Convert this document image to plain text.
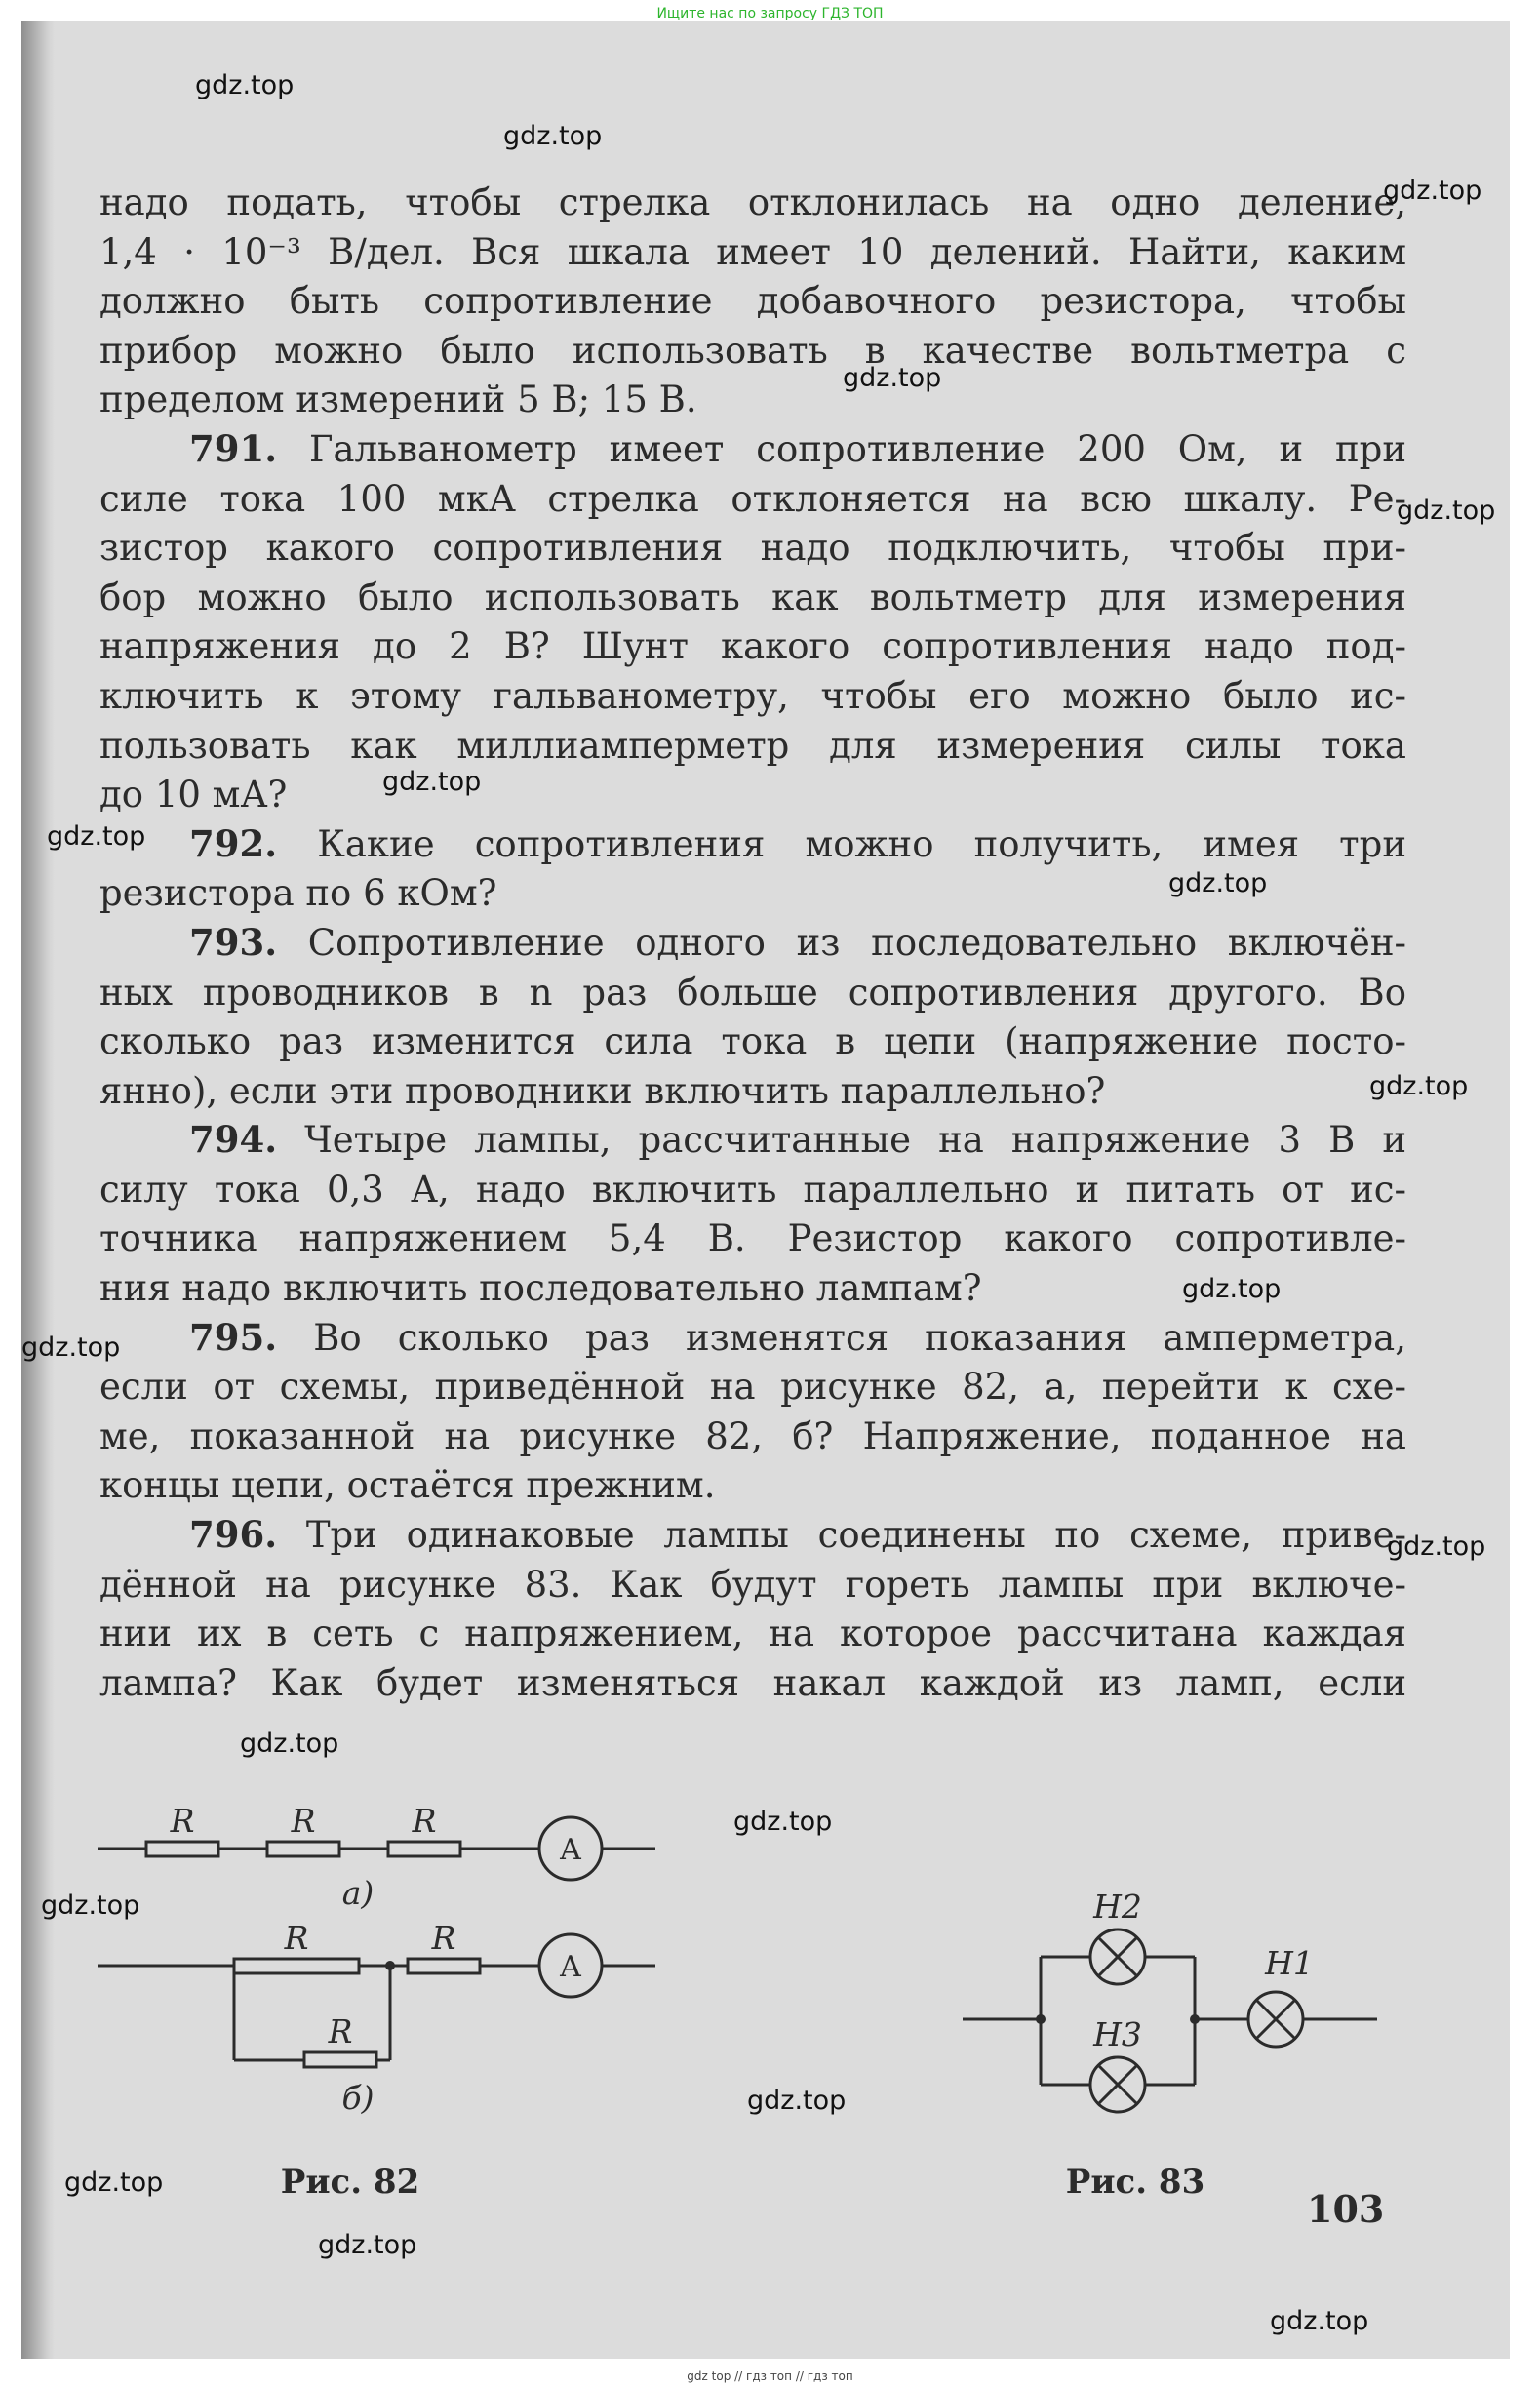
Ищите нас по запросу ГДЗ ТОП
надо подать, чтобы стрелка отклонилась на одно деление,
1,4 · 10⁻³ В/дел. Вся шкала имеет 10 делений. Найти, каким
должно быть сопротивление добавочного резистора, чтобы
прибор можно было использовать в качестве вольтметра с
пределом измерений 5 В; 15 В.
791. Гальванометр имеет сопротивление 200 Ом, и при
силе тока 100 мкА стрелка отклоняется на всю шкалу. Ре-
зистор какого сопротивления надо подключить, чтобы при-
бор можно было использовать как вольтметр для измерения
напряжения до 2 В? Шунт какого сопротивления надо под-
ключить к этому гальванометру, чтобы его можно было ис-
пользовать как миллиамперметр для измерения силы тока
до 10 мА?
792. Какие сопротивления можно получить, имея три
резистора по 6 кОм?
793. Сопротивление одного из последовательно включён-
ных проводников в n раз больше сопротивления другого. Во
сколько раз изменится сила тока в цепи (напряжение посто-
янно), если эти проводники включить параллельно?
794. Четыре лампы, рассчитанные на напряжение 3 В и
силу тока 0,3 А, надо включить параллельно и питать от ис-
точника напряжением 5,4 В. Резистор какого сопротивле-
ния надо включить последовательно лампам?
795. Во сколько раз изменятся показания амперметра,
если от схемы, приведённой на рисунке 82, а, перейти к схе-
ме, показанной на рисунке 82, б? Напряжение, поданное на
концы цепи, остаётся прежним.
796. Три одинаковые лампы соединены по схеме, приве-
дённой на рисунке 83. Как будут гореть лампы при включе-
нии их в сеть с напряжением, на которое рассчитана каждая
лампа? Как будет изменяться накал каждой из ламп, если
R	R	R
R	R
R
а)
б)
H2
H3
H1
A
A
Рис. 82	Рис. 83
103
gdz.top
gdz.top
gdz.top
gdz.top
gdz.top
gdz.top
gdz.top
gdz.top
gdz.top
gdz.top
gdz.top
gdz.top
gdz.top
gdz.top
gdz.top
gdz.top
gdz.top
gdz.top
gdz.top
gdz top // гдз топ // гдз топ
